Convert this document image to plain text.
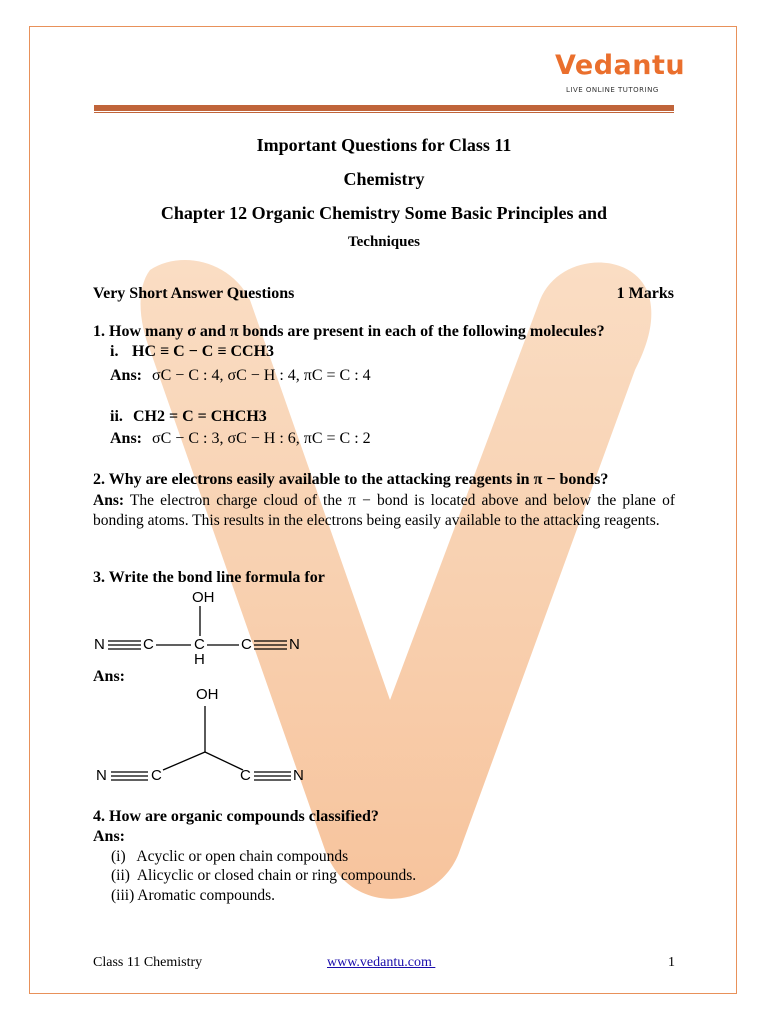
Vedantu
LIVE ONLINE TUTORING
Important Questions for Class 11
Chemistry
Chapter 12 Organic Chemistry Some Basic Principles and
Techniques
Very Short Answer Questions	1 Marks
1. How many σ and π bonds are present in each of the following molecules?
i. HC ≡ C − C ≡ CCH3
Ans: σC − C : 4, σC − H : 4, πC = C : 4
ii. CH2 = C = CHCH3
Ans: σC − C : 3, σC − H : 6, πC = C : 2
2. Why are electrons easily available to the attacking reagents in π − bonds?
Ans: The electron charge cloud of the π − bond is located above and below the plane of bonding atoms. This results in the electrons being easily available to the attacking reagents.
3. Write the bond line formula for
OH
N	C	C
H
C N
Ans:
OH
N	C	C	N
4. How are organic compounds classified?
Ans:
(i)   Acyclic or open chain compounds
(ii)  Alicyclic or closed chain or ring compounds.
(iii) Aromatic compounds.
Class 11 Chemistry	www.vedantu.com	1
